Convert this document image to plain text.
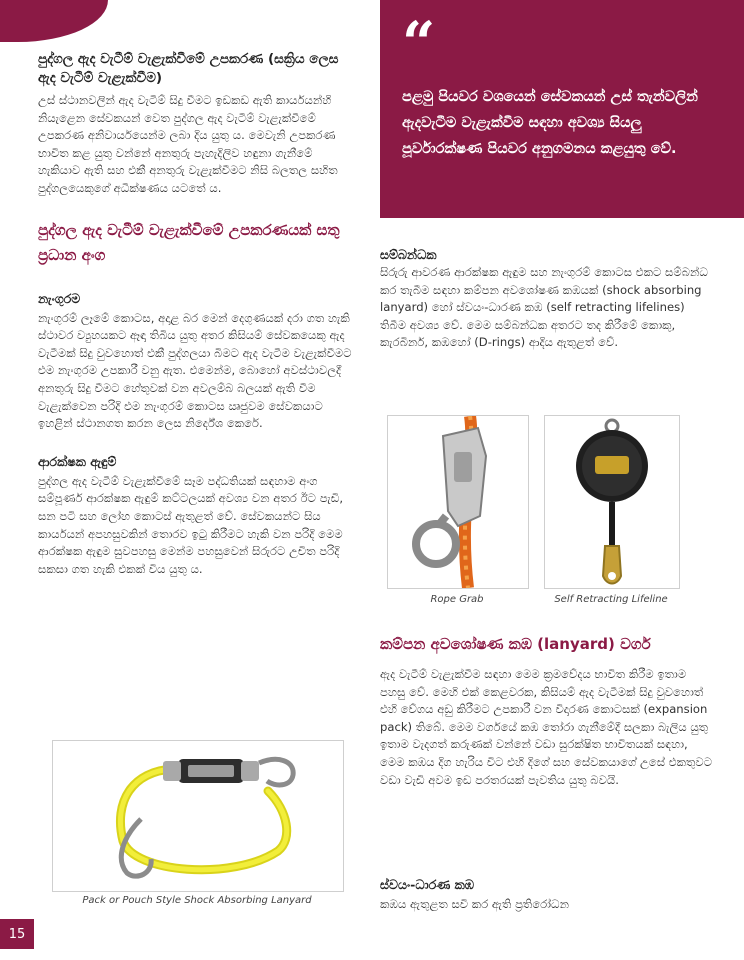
පුද්ගල ඇද වැටීම් වැළැක්වීමේ උපකරණ (සක්‍රිය ලෙස ඇද වැටීම් වැළැක්වීම)

උස් ස්ථානවලින් ඇද වැටීම් සිදු වීමට ඉඩකඩ ඇති කාර්යයන්හි නියැළෙන සේවකයන් වෙත පුද්ගල ඇද වැටීම් වැළැක්වීමේ උපකරණ අනිවාර්යයෙන්ම ලබා දිය යුතු ය. මෙවැනි උපකරණ භාවිත කළ යුතු වන්නේ අනතුරු පැහැදිලිව හඳුනා ගැනීමේ හැකියාව ඇති සහ එකී අනතුරු වැළැක්වීමට නිසි බලතල සහිත පුද්ගලයෙකුගේ අධීක්ෂණය යටතේ ය.

පුද්ගල ඇද වැටීම් වැළැක්වීමේ උපකරණයක් සතු ප්‍රධාන අංග
නැංගුරම

නැංගුරම් ලෑමේ කොටස, අදාළ බර මෙන් දෙගුණයක් දරා ගත හැකි ස්ථාවර ව්‍යුහයකට ඈඳා තිබිය යුතු අතර කිසියම් සේවකයෙකු ඇද වැටීමක් සිදු වුවහොත් එකී පුද්ගලයා බිමට ඇද වැටීම වැළැක්වීමට එම නැංගුරම උපකාරී වනු ඇත. එමෙන්ම, බොහෝ අවස්ථාවලදී අනතුරු සිදු වීමට හේතුවක් වන අවලම්බ බලයක් ඇති වීම වැළැක්වෙන පරිදි එම නැංගුරම් කොටස ඍජුවම සේවකයාට ඉහළින් ස්ථානගත කරන ලෙස නිර්දේශ කෙරේ.

ආරක්ෂක ඇඳුම්

පුද්ගල ඇද වැටීම් වැළැක්වීමේ සෑම පද්ධතියක් සඳහාම අංග සම්පූර්ණ ආරක්ෂක ඇඳුම් කට්ටලයක් අවශ්‍ය වන අතර ඊට පැඩි, සන පටි සහ ලෝහ කොටස් ඇතුළත් වේ. සේවකයන්ට සිය කාර්යයන් අපහසුවකින් තොරව ඉටු කිරීමට හැකි වන පරිදි මෙම ආරක්ෂක ඇඳුම සුවපහසු මෙන්ම පහසුවෙන් සිරුරට උචිත පරිදි සකසා ගත හැකි එකක් විය යුතු ය.

Pack or Pouch Style Shock Absorbing Lanyard
“

පළමු පියවර වශයෙන් සේවකයන් උස් තැන්වලින් ඇදවැටීම වැළැක්වීම සඳහා අවශ්‍ය සියලු පූර්වාරක්ෂණ පියවර අනුගමනය කළයුතු වේ.

සම්බන්ධක

සිරුරු ආවරණ ආරක්ෂක ඇඳුම සහ නැංගුරම් කොටස එකට සම්බන්ධ කර තැබීම සඳහා කම්පන අවශෝෂණ කඹයක් (shock absorbing lanyard) හෝ ස්වයං-ධාරණ කඹ (self retracting lifelines) තිබීම අවශ්‍ය වේ. මෙම සම්බන්ධක අතරට තද කිරීමේ කොකු, කැරබිනර්, කඹහෝ (D-rings) ආදිය ඇතුළත් වේ.

Rope Grab	Self Retracting Lifeline
කම්පන අවශෝෂණ කඹ (lanyard) වර්ග

ඇද වැටීම් වැළැක්වීම සඳහා මෙම ක්‍රමවේදය භාවිත කිරීම ඉතාම පහසු වේ. මෙහි එක් කෙළවරක, කිසියම් ඇද වැටීමක් සිදු වුවහොත් එහි වේගය අඩු කිරීමට උපකාරී වන විදාරණ කොටසක් (expansion pack) තිබේ. මෙම වර්ගයේ කඹ තෝරා ගැනීමේදී සලකා බැලිය යුතු ඉතාම වැදගත් කරුණක් වන්නේ වඩා සුරක්ෂිත භාවිතයක් සඳහා, මෙම කඹය දිග හැරිය විට එහි දිගේ සහ සේවකයාගේ උසේ එකතුවට වඩා වැඩි අවම ඉඩ පරතරයක් පැවතිය යුතු බවයි.

ස්වයං-ධාරණ කඹ

කඹය ඇතුළත සවි කර ඇති ප්‍රතිරෝධන

15
